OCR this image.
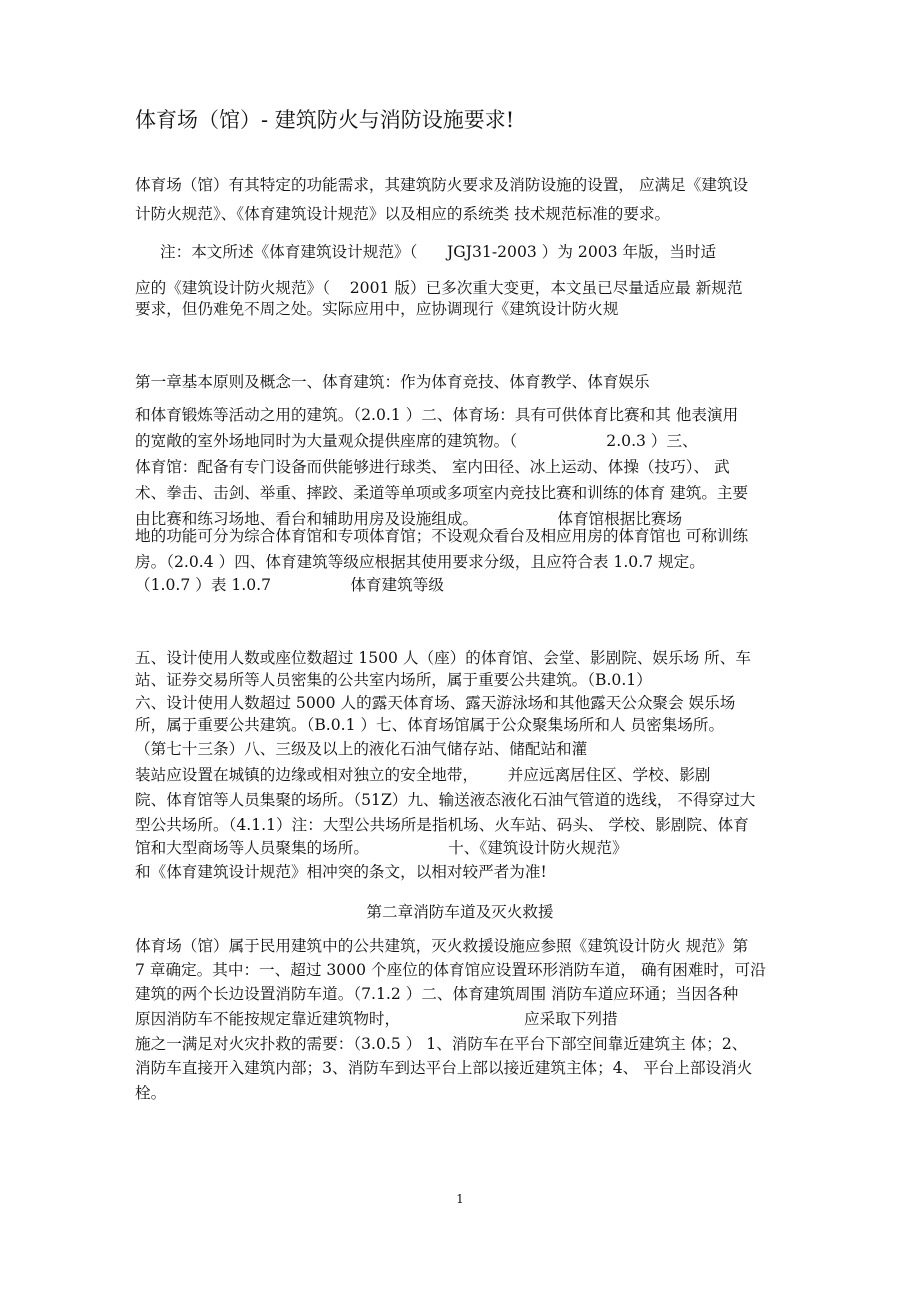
体育场（馆）- 建筑防火与消防设施要求!
体育场（馆）有其特定的功能需求，其建筑防火要求及消防设施的设置， 应满足《建筑设
计防火规范》、《体育建筑设计规范》以及相应的系统类 技术规范标准的要求。
注：本文所述《体育建筑设计规范》（      JGJ31-2003 ）为 2003 年版，当时适
应的《建筑设计防火规范》（    2001 版）已多次重大变更，本文虽已尽量适应最 新规范
要求，但仍难免不周之处。实际应用中，应协调现行《建筑设计防火规
第一章基本原则及概念一、体育建筑：作为体育竞技、体育教学、体育娱乐
和体育锻炼等活动之用的建筑。（2.0.1 ）二、体育场：具有可供体育比赛和其 他表演用
的宽敞的室外场地同时为大量观众提供座席的建筑物。（                  2.0.3 ）三、
体育馆：配备有专门设备而供能够进行球类、 室内田径、冰上运动、体操（技巧）、 武
术、拳击、击剑、举重、摔跤、柔道等单项或多项室内竞技比赛和训练的体育 建筑。主要
由比赛和练习场地、看台和辅助用房及设施组成。                体育馆根据比赛场
地的功能可分为综合体育馆和专项体育馆；不设观众看台及相应用房的体育馆也 可称训练
房。（2.0.4 ）四、体育建筑等级应根据其使用要求分级，且应符合表 1.0.7 规定。
（1.0.7 ）表 1.0.7                体育建筑等级
五、设计使用人数或座位数超过 1500 人（座）的体育馆、会堂、影剧院、娱乐场 所、车
站、证券交易所等人员密集的公共室内场所，属于重要公共建筑。（B.0.1）
六、设计使用人数超过 5000 人的露天体育场、露天游泳场和其他露天公众聚会 娱乐场
所，属于重要公共建筑。（B.0.1 ）七、体育场馆属于公众聚集场所和人 员密集场所。
（第七十三条）八、三级及以上的液化石油气储存站、储配站和灌
装站应设置在城镇的边缘或相对独立的安全地带，      并应远离居住区、学校、影剧
院、体育馆等人员集聚的场所。（51Z）九、输送液态液化石油气管道的选线， 不得穿过大
型公共场所。（4.1.1）注：大型公共场所是指机场、火车站、码头、 学校、影剧院、体育
馆和大型商场等人员聚集的场所。                十、《建筑设计防火规范》
和《体育建筑设计规范》相冲突的条文，以相对较严者为准!
第二章消防车道及灭火救援
体育场（馆）属于民用建筑中的公共建筑，灭火救援设施应参照《建筑设计防火 规范》第
7 章确定。其中：一、超过 3000 个座位的体育馆应设置环形消防车道， 确有困难时，可沿
建筑的两个长边设置消防车道。（7.1.2 ）二、体育建筑周围 消防车道应环通；当因各种
原因消防车不能按规定靠近建筑物时，                         应采取下列措
施之一满足对火灾扑救的需要：（3.0.5 ） 1、消防车在平台下部空间靠近建筑主 体；2、
消防车直接开入建筑内部；3、消防车到达平台上部以接近建筑主体；4、 平台上部设消火
栓。
1
